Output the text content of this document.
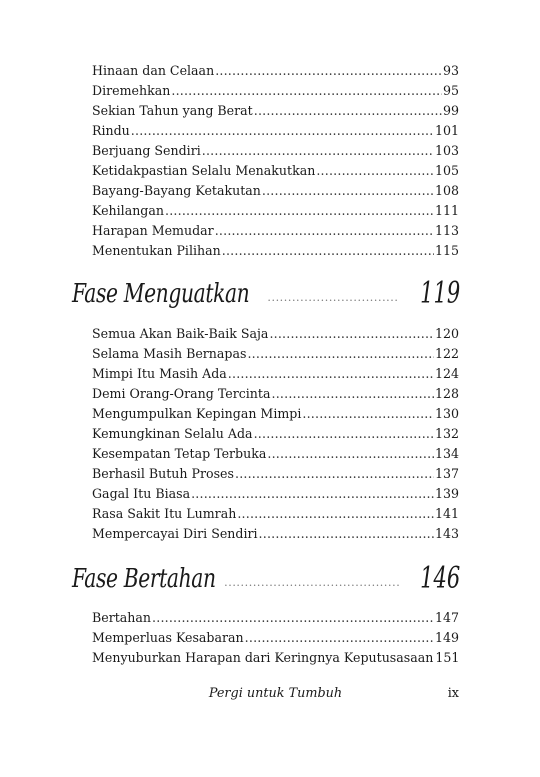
Hinaan dan Celaan .....	93
Diremehkan .....	95
Sekian Tahun yang Berat .....	99
Rindu .....	101
Berjuang Sendiri .....	103
Ketidakpastian Selalu Menakutkan .....	105
Bayang-Bayang Ketakutan .....	108
Kehilangan .....	111
Harapan Memudar .....	113
Menentukan Pilihan .....	115
Fase Menguatkan .....	119
Semua Akan Baik-Baik Saja .....	120
Selama Masih Bernapas .....	122
Mimpi Itu Masih Ada .....	124
Demi Orang-Orang Tercinta .....	128
Mengumpulkan Kepingan Mimpi .....	130
Kemungkinan Selalu Ada .....	132
Kesempatan Tetap Terbuka .....	134
Berhasil Butuh Proses .....	137
Gagal Itu Biasa .....	139
Rasa Sakit Itu Lumrah .....	141
Mempercayai Diri Sendiri .....	143
Fase Bertahan .....	146
Bertahan .....	147
Memperluas Kesabaran .....	149
Menyuburkan Harapan dari Keringnya Keputusasaan 151
Pergi untuk Tumbuh	ix
